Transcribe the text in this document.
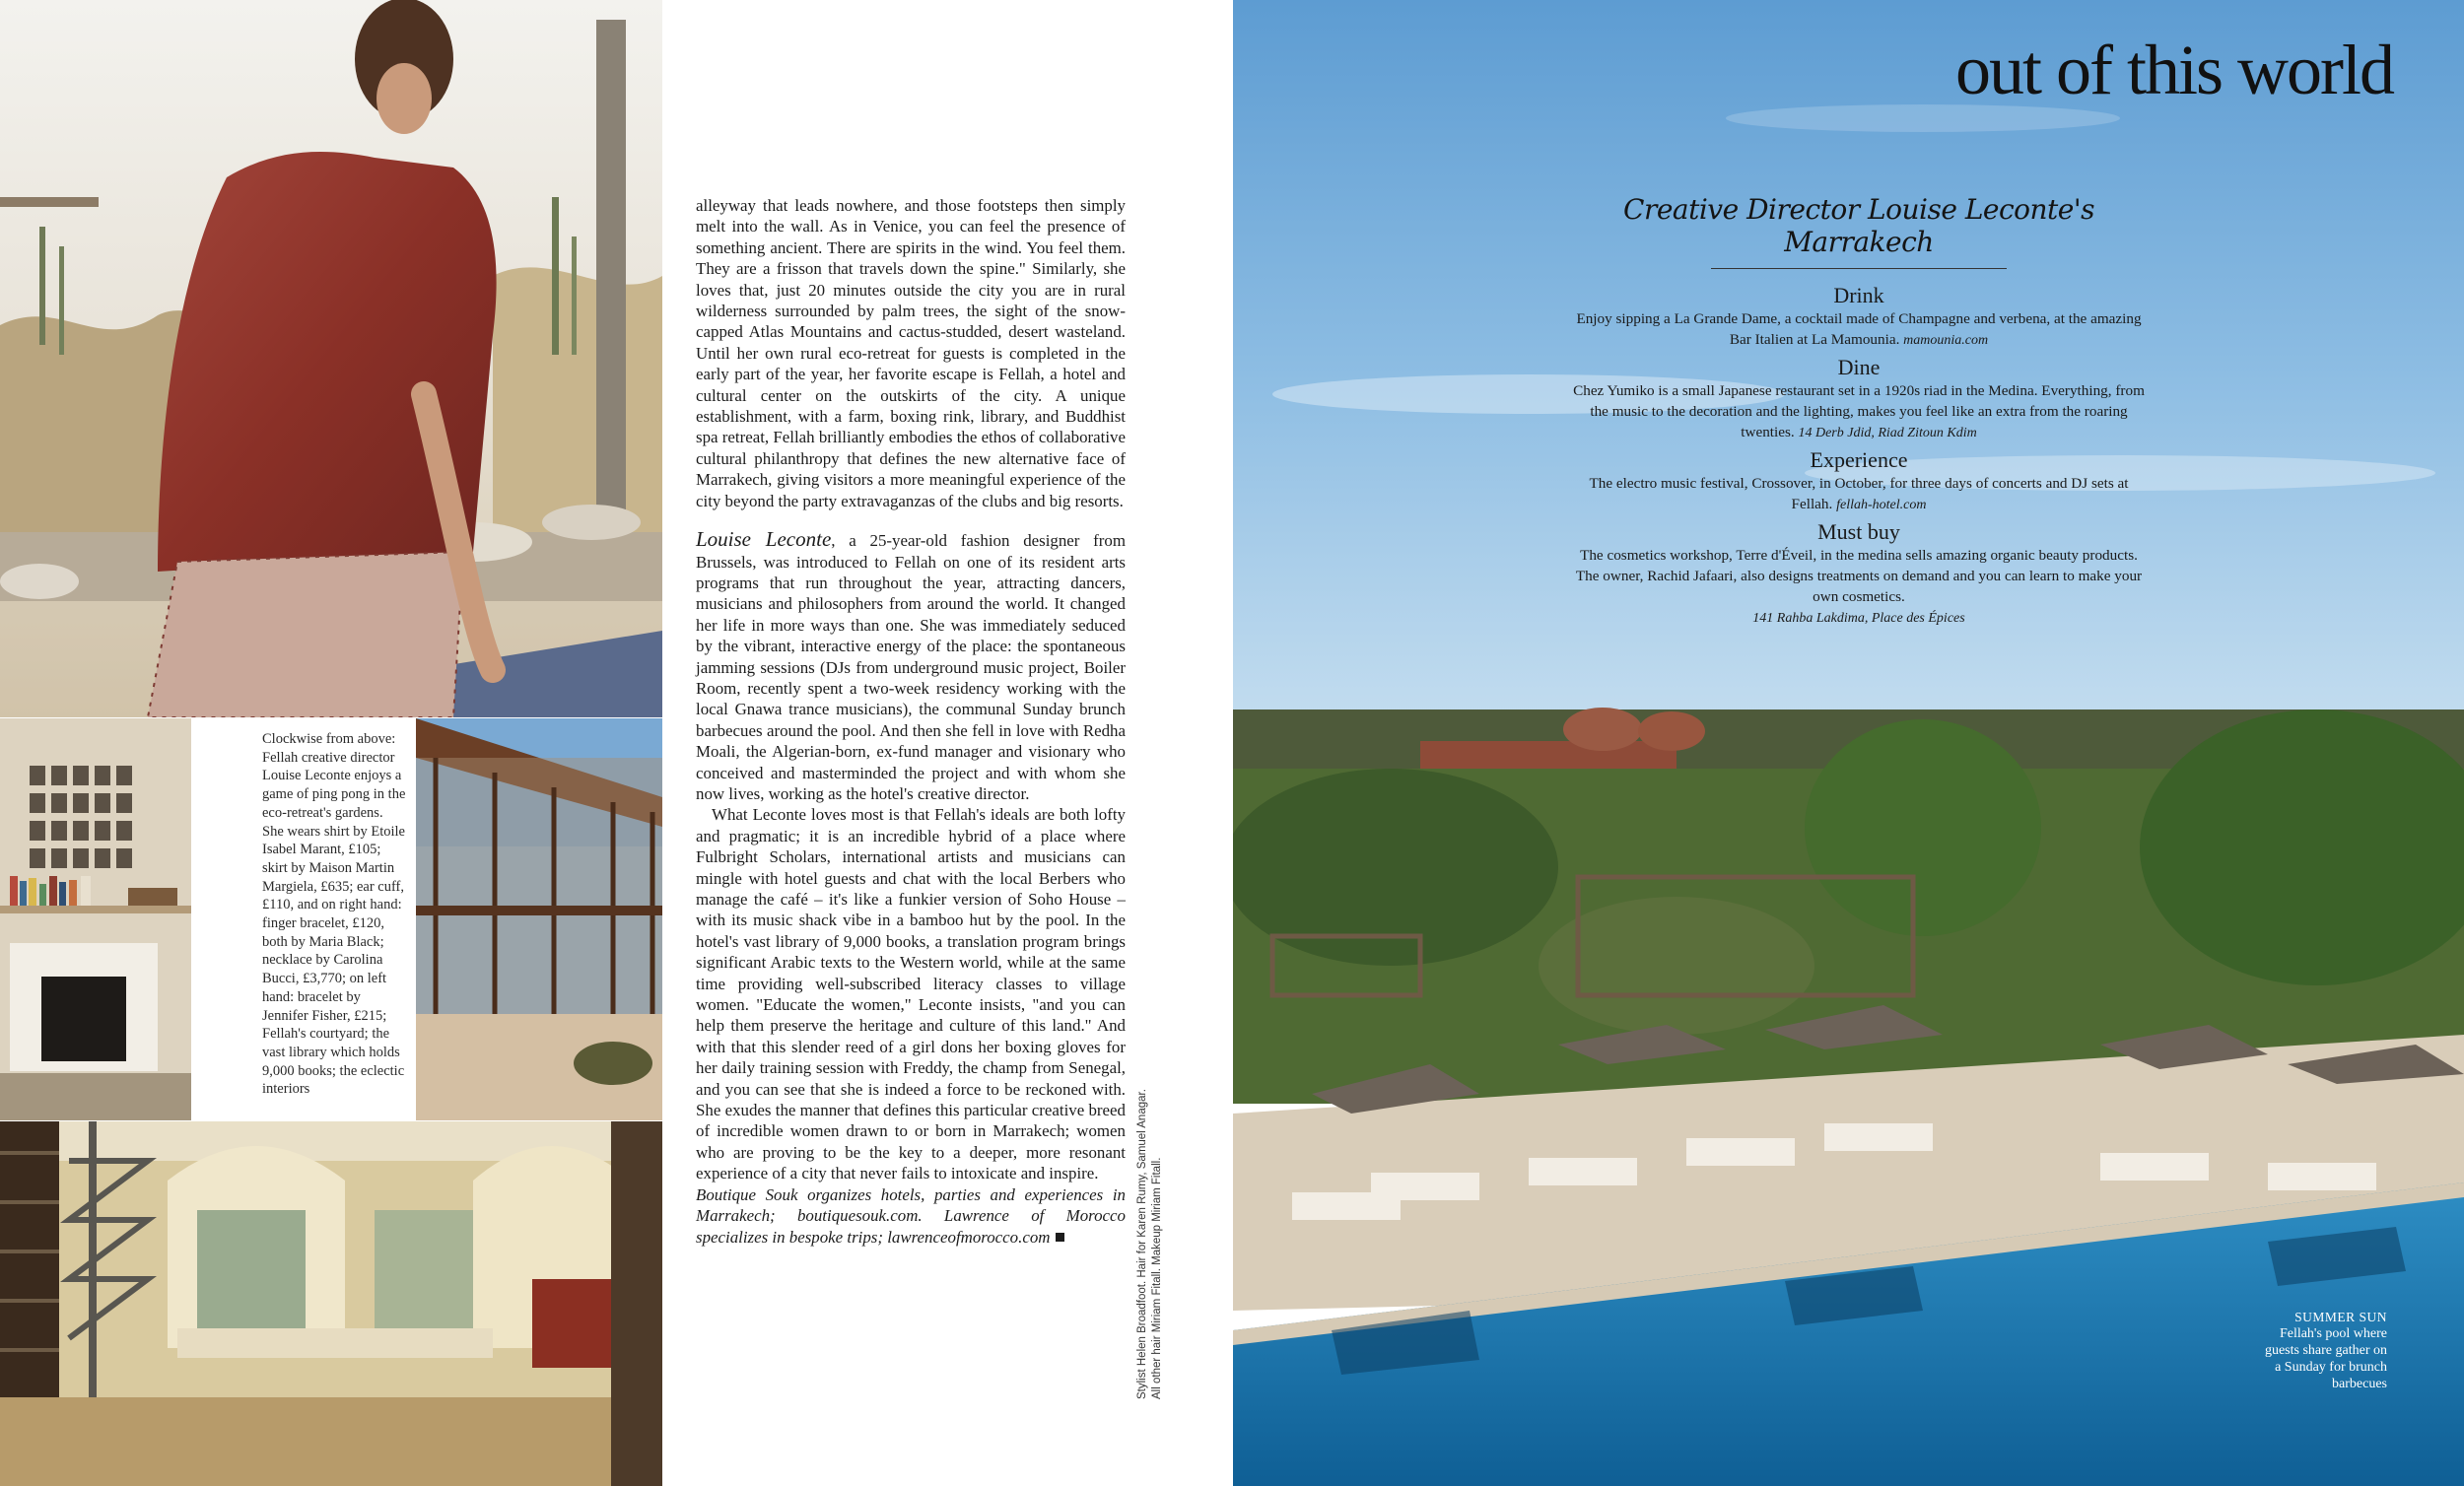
Clockwise from above: Fellah creative director Louise Leconte enjoys a game of ping pong in the eco-retreat's gardens. She wears shirt by Etoile Isabel Marant, £105; skirt by Maison Martin Margiela, £635; ear cuff, £110, and on right hand: finger bracelet, £120, both by Maria Black; necklace by Carolina Bucci, £3,770; on left hand: bracelet by Jennifer Fisher, £215; Fellah's courtyard; the vast library which holds 9,000 books; the eclectic interiors

alleyway that leads nowhere, and those footsteps then simply melt into the wall. As in Venice, you can feel the presence of something ancient. There are spirits in the wind. You feel them. They are a frisson that travels down the spine." Similarly, she loves that, just 20 minutes outside the city you are in rural wilderness surrounded by palm trees, the sight of the snow-capped Atlas Mountains and cactus-studded, desert wasteland. Until her own rural eco-retreat for guests is completed in the early part of the year, her favorite escape is Fellah, a hotel and cultural center on the outskirts of the city. A unique establishment, with a farm, boxing rink, library, and Buddhist spa retreat, Fellah brilliantly embodies the ethos of collaborative cultural philanthropy that defines the new alternative face of Marrakech, giving visitors a more meaningful experience of the city beyond the party extravaganzas of the clubs and big resorts.

Louise Leconte, a 25-year-old fashion designer from Brussels, was introduced to Fellah on one of its resident arts programs that run throughout the year, attracting dancers, musicians and philosophers from around the world. It changed her life in more ways than one. She was immediately seduced by the vibrant, interactive energy of the place: the spontaneous jamming sessions (DJs from underground music project, Boiler Room, recently spent a two-week residency working with the local Gnawa trance musicians), the communal Sunday brunch barbecues around the pool. And then she fell in love with Redha Moali, the Algerian-born, ex-fund manager and visionary who conceived and masterminded the project and with whom she now lives, working as the hotel's creative director.

What Leconte loves most is that Fellah's ideals are both lofty and pragmatic; it is an incredible hybrid of a place where Fulbright Scholars, international artists and musicians can mingle with hotel guests and chat with the local Berbers who manage the café – it's like a funkier version of Soho House – with its music shack vibe in a bamboo hut by the pool. In the hotel's vast library of 9,000 books, a translation program brings significant Arabic texts to the Western world, while at the same time providing well-subscribed literacy classes to village women. "Educate the women," Leconte insists, "and you can help them preserve the heritage and culture of this land." And with that this slender reed of a girl dons her boxing gloves for her daily training session with Freddy, the champ from Senegal, and you can see that she is indeed a force to be reckoned with. She exudes the manner that defines this particular creative breed of incredible women drawn to or born in Marrakech; women who are proving to be the key to a deeper, more resonant experience of a city that never fails to intoxicate and inspire.

Boutique Souk organizes hotels, parties and experiences in Marrakech; boutiquesouk.com. Lawrence of Morocco specializes in bespoke trips; lawrenceofmorocco.com	Stylist Helen Broadfoot. Hair for Karen Rumy, Samuel Anagar. All other hair Miriam Fitall. Makeup Miriam Fitall.
out of this world
Creative Director Louise Leconte's Marrakech
Drink

Enjoy sipping a La Grande Dame, a cocktail made of Champagne and verbena, at the amazing Bar Italien at La Mamounia. mamounia.com

Dine

Chez Yumiko is a small Japanese restaurant set in a 1920s riad in the Medina. Everything, from the music to the decoration and the lighting, makes you feel like an extra from the roaring twenties. 14 Derb Jdid, Riad Zitoun Kdim

Experience

The electro music festival, Crossover, in October, for three days of concerts and DJ sets at Fellah. fellah-hotel.com

Must buy

The cosmetics workshop, Terre d'Éveil, in the medina sells amazing organic beauty products. The owner, Rachid Jafaari, also designs treatments on demand and you can learn to make your own cosmetics.

141 Rahba Lakdima, Place des Épices

SUMMER SUN
Fellah's pool where guests share gather on a Sunday for brunch barbecues
